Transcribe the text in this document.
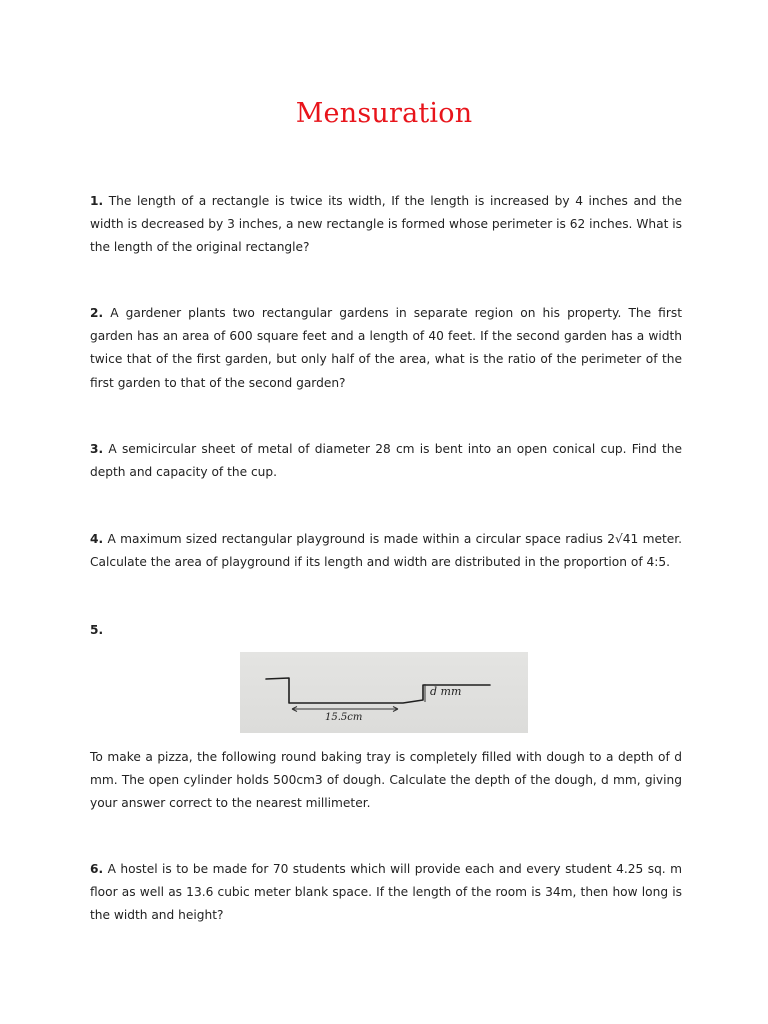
Mensuration
1. The length of a rectangle is twice its width, If the length is increased by 4 inches and the width is decreased by 3 inches, a new rectangle is formed whose perimeter is 62 inches. What is the length of the original rectangle?
2. A gardener plants two rectangular gardens in separate region on his property. The first garden has an area of 600 square feet and a length of 40 feet. If the second garden has a width twice that of the first garden, but only half of the area, what is the ratio of the perimeter of the first garden to that of the second garden?
3. A semicircular sheet of metal of diameter 28 cm is bent into an open conical cup. Find the depth and capacity of the cup.
4. A maximum sized rectangular playground is made within a circular space radius 2√41 meter. Calculate the area of playground if its length and width are distributed in the proportion of 4:5.
5.
15.5cm
d mm
To make a pizza, the following round baking tray is completely filled with dough to a depth of d mm. The open cylinder holds 500cm3 of dough. Calculate the depth of the dough, d mm, giving your answer correct to the nearest millimeter.
6. A hostel is to be made for 70 students which will provide each and every student 4.25 sq. m floor as well as 13.6 cubic meter blank space. If the length of the room is 34m, then how long is the width and height?
